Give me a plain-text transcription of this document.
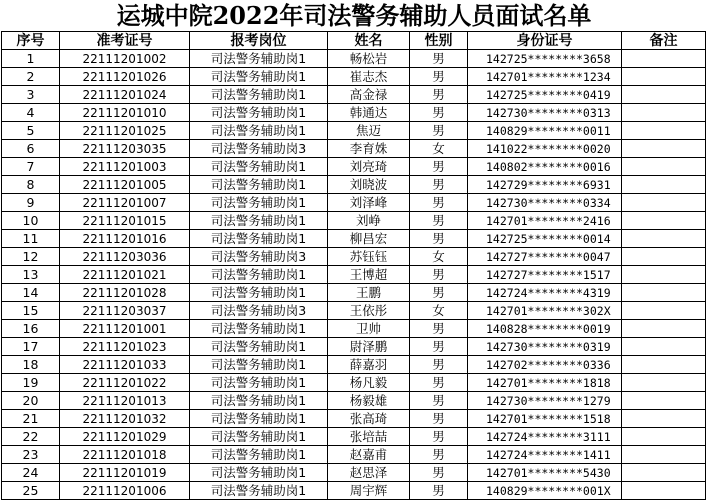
运城中院2022年司法警务辅助人员面试名单
序号	准考证号	报考岗位	姓名	性别	身份证号	备注
1	22111201002	司法警务辅助岗1	畅松岩	男	142725********3658	
2	22111201026	司法警务辅助岗1	崔志杰	男	142701********1234	
3	22111201024	司法警务辅助岗1	高金禄	男	142725********0419	
4	22111201010	司法警务辅助岗1	韩通达	男	142730********0313	
5	22111201025	司法警务辅助岗1	焦迈	男	140829********0011	
6	22111203035	司法警务辅助岗3	李育姝	女	141022********0020	
7	22111201003	司法警务辅助岗1	刘亮琦	男	140802********0016	
8	22111201005	司法警务辅助岗1	刘晓波	男	142729********6931	
9	22111201007	司法警务辅助岗1	刘泽峰	男	142730********0334	
10	22111201015	司法警务辅助岗1	刘峥	男	142701********2416	
11	22111201016	司法警务辅助岗1	柳昌宏	男	142725********0014	
12	22111203036	司法警务辅助岗3	苏钰钰	女	142727********0047	
13	22111201021	司法警务辅助岗1	王博超	男	142727********1517	
14	22111201028	司法警务辅助岗1	王鹏	男	142724********4319	
15	22111203037	司法警务辅助岗3	王依彤	女	142701********302X	
16	22111201001	司法警务辅助岗1	卫帅	男	140828********0019	
17	22111201023	司法警务辅助岗1	尉泽鹏	男	142730********0319	
18	22111201033	司法警务辅助岗1	薛嘉羽	男	142702********0336	
19	22111201022	司法警务辅助岗1	杨凡毅	男	142701********1818	
20	22111201013	司法警务辅助岗1	杨毅雄	男	142730********1279	
21	22111201032	司法警务辅助岗1	张高琦	男	142701********1518	
22	22111201029	司法警务辅助岗1	张培喆	男	142724********3111	
23	22111201018	司法警务辅助岗1	赵嘉甫	男	142724********1411	
24	22111201019	司法警务辅助岗1	赵思泽	男	142701********5430	
25	22111201006	司法警务辅助岗1	周宇辉	男	140829********001X	
